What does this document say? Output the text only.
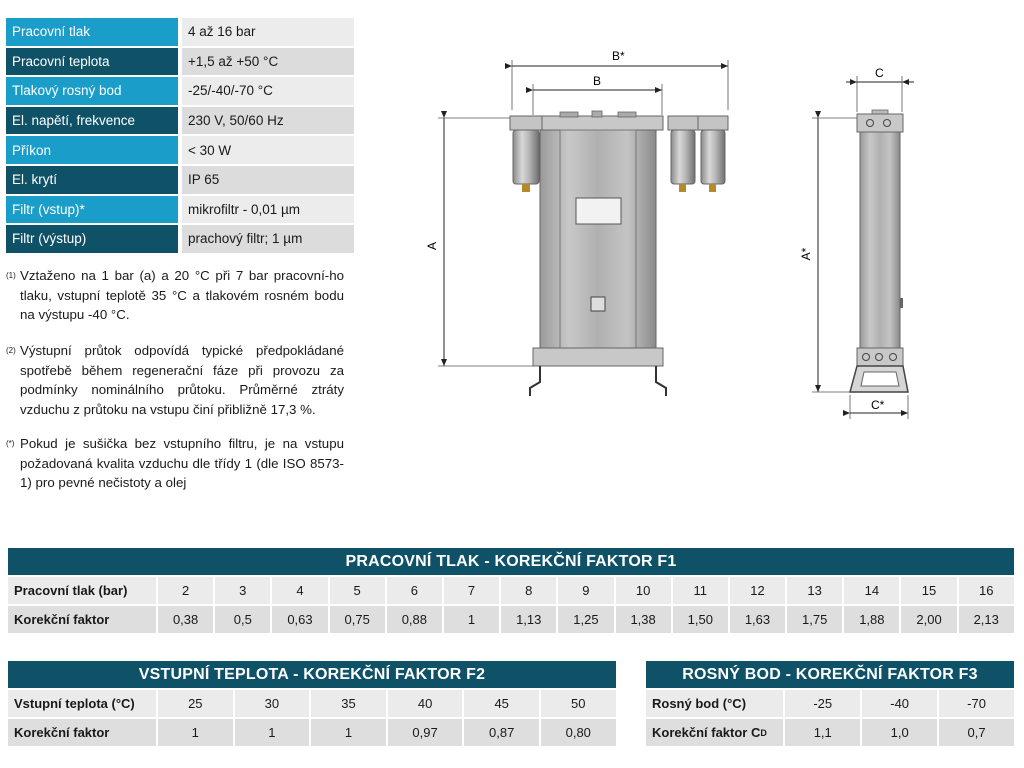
Pracovní tlak	4 až 16 bar
Pracovní teplota	+1,5 až +50 °C
Tlakový rosný bod	-25/-40/-70 °C
El. napětí, frekvence	230 V, 50/60 Hz
Příkon	< 30 W
El. krytí	IP 65
Filtr (vstup)*	mikrofiltr - 0,01 µm
Filtr (výstup)	prachový filtr; 1 µm
(1) Vztaženo na 1 bar (a) a 20 °C při 7 bar pracovní-ho tlaku, vstupní teplotě 35 °C a tlakovém rosném bodu na výstupu -40 °C.
(2) Výstupní průtok odpovídá typické předpokládané spotřebě během regenerační fáze při provozu za podmínky nominálního průtoku. Průměrné ztráty vzduchu z průtoku na vstupu činí přibližně 17,3 %.
(*) Pokud je sušička bez vstupního filtru, je na vstupu požadovaná kvalita vzduchu dle třídy 1 (dle ISO 8573-1) pro pevné nečistoty a olej
B*
B
A
C
A*
C*
PRACOVNÍ TLAK - KOREKČNÍ FAKTOR F1
Pracovní tlak (bar)	2	3	4	5	6	7	8	9	10	11	12	13	14	15	16
Korekční faktor	0,38	0,5	0,63	0,75	0,88	1	1,13	1,25	1,38	1,50	1,63	1,75	1,88	2,00	2,13
VSTUPNÍ TEPLOTA - KOREKČNÍ FAKTOR F2
Vstupní teplota (°C)	25	30	35	40	45	50
Korekční faktor	1	1	1	0,97	0,87	0,80
ROSNÝ BOD - KOREKČNÍ FAKTOR F3
Rosný bod (°C)	-25	-40	-70
Korekční faktor C D	1,1	1,0	0,7
